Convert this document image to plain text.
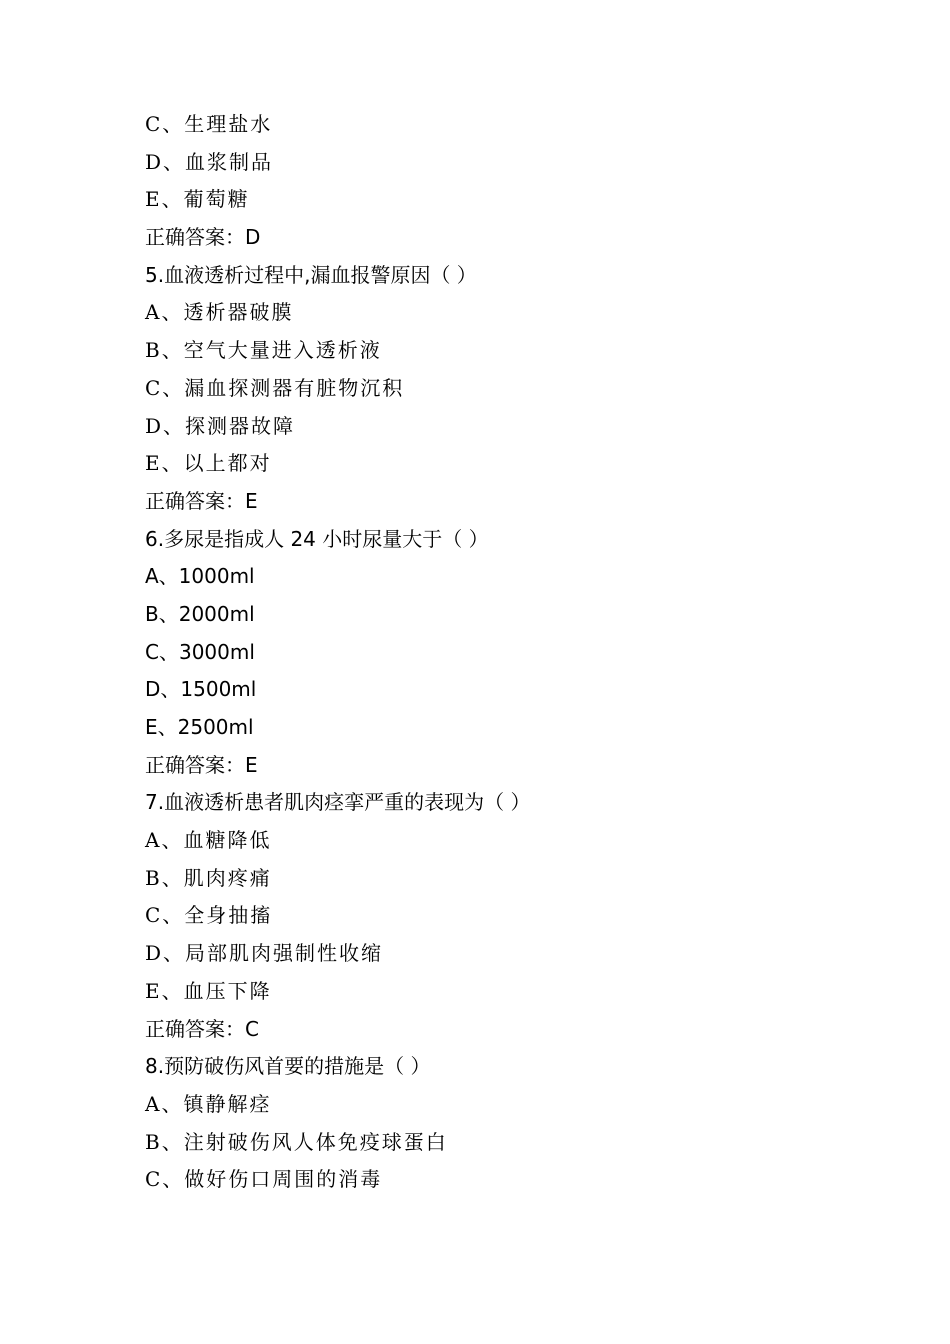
C、生理盐水
D、血浆制品
E、葡萄糖
正确答案：D
5.血液透析过程中,漏血报警原因（ ）
A、透析器破膜
B、空气大量进入透析液
C、漏血探测器有脏物沉积
D、探测器故障
E、以上都对
正确答案：E
6.多尿是指成人 24 小时尿量大于（ ）
A、1000ml
B、2000ml
C、3000ml
D、1500ml
E、2500ml
正确答案：E
7.血液透析患者肌肉痉挛严重的表现为（ ）
A、血糖降低
B、肌肉疼痛
C、全身抽搐
D、局部肌肉强制性收缩
E、血压下降
正确答案：C
8.预防破伤风首要的措施是（ ）
A、镇静解痉
B、注射破伤风人体免疫球蛋白
C、做好伤口周围的消毒
